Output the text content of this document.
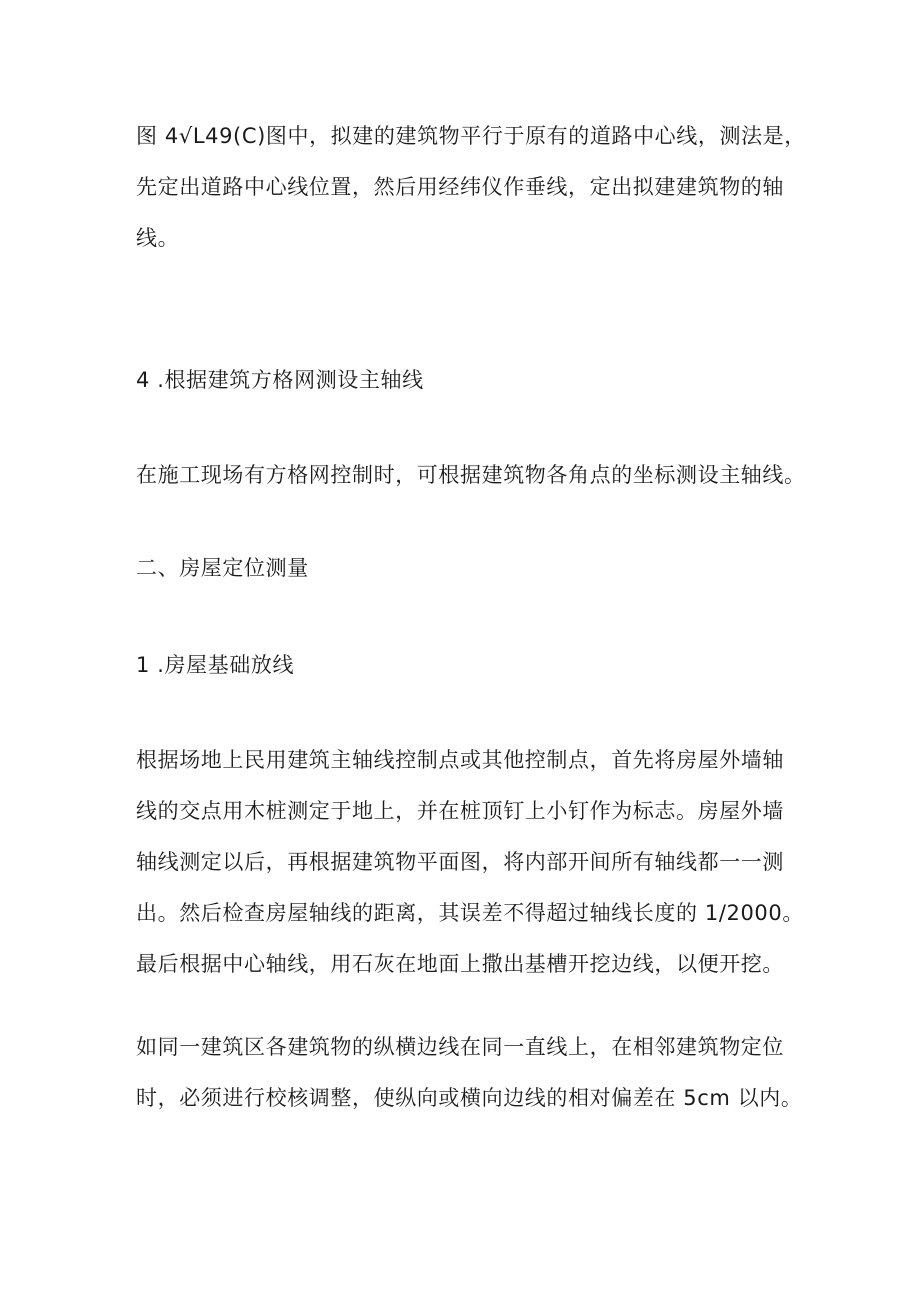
图 4√L49(C)图中，拟建的建筑物平行于原有的道路中心线，测法是，
先定出道路中心线位置，然后用经纬仪作垂线，定出拟建建筑物的轴
线。

4 .根据建筑方格网测设主轴线

在施工现场有方格网控制时，可根据建筑物各角点的坐标测设主轴线。

二、房屋定位测量
1 .房屋基础放线

根据场地上民用建筑主轴线控制点或其他控制点，首先将房屋外墙轴
线的交点用木桩测定于地上，并在桩顶钉上小钉作为标志。房屋外墙
轴线测定以后，再根据建筑物平面图，将内部开间所有轴线都一一测
出。然后检查房屋轴线的距离，其误差不得超过轴线长度的 1/2000。
最后根据中心轴线，用石灰在地面上撒出基槽开挖边线，以便开挖。

如同一建筑区各建筑物的纵横边线在同一直线上，在相邻建筑物定位
时，必须进行校核调整，使纵向或横向边线的相对偏差在 5cm 以内。
